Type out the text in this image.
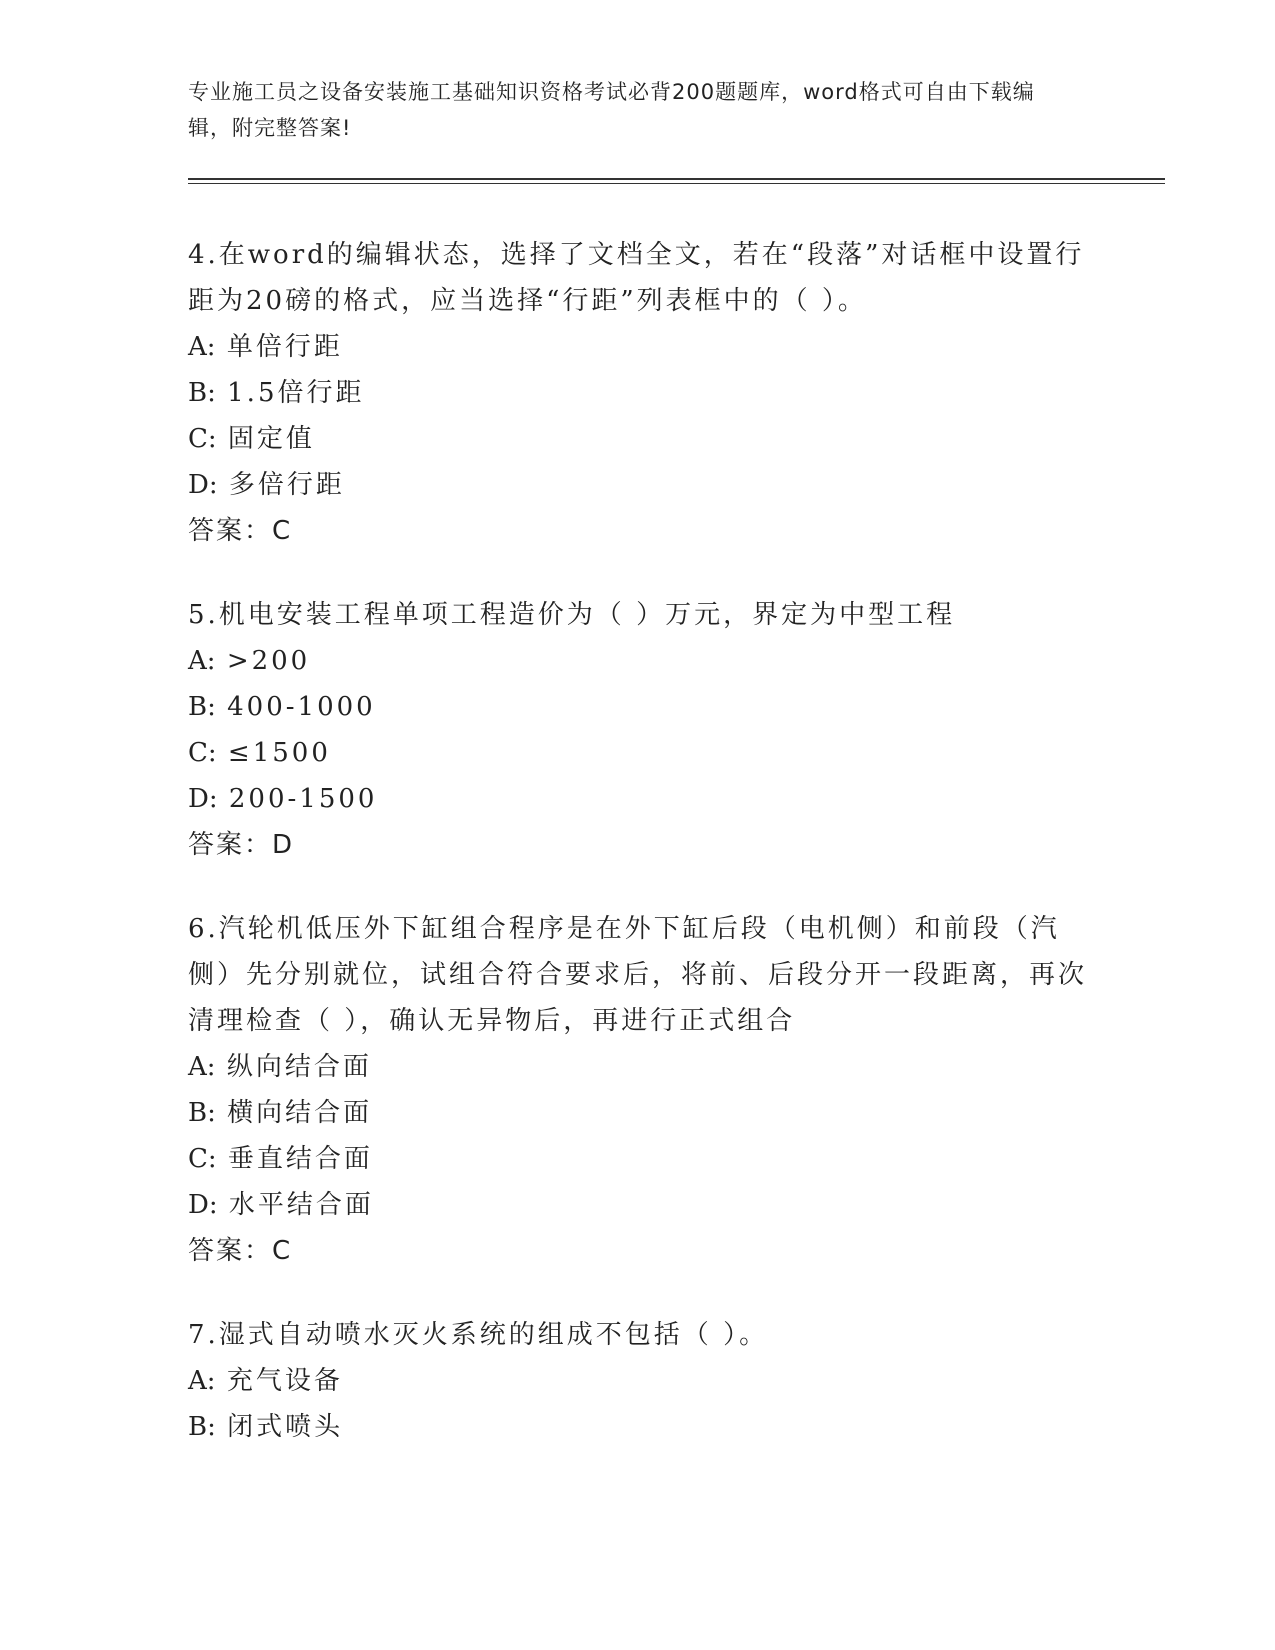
专业施工员之设备安装施工基础知识资格考试必背200题题库，word格式可自由下载编辑，附完整答案!
4.在word的编辑状态，选择了文档全文，若在“段落”对话框中设置行距为20磅的格式，应当选择“行距”列表框中的（ ）。
A: 单倍行距
B: 1.5倍行距
C: 固定值
D: 多倍行距
答案：C
5.机电安装工程单项工程造价为（ ）万元，界定为中型工程
A: >200
B: 400-1000
C: ≤1500
D: 200-1500
答案：D
6.汽轮机低压外下缸组合程序是在外下缸后段（电机侧）和前段（汽侧）先分别就位，试组合符合要求后，将前、后段分开一段距离，再次清理检查（ ），确认无异物后，再进行正式组合
A: 纵向结合面
B: 横向结合面
C: 垂直结合面
D: 水平结合面
答案：C
7.湿式自动喷水灭火系统的组成不包括（ ）。
A: 充气设备
B: 闭式喷头
